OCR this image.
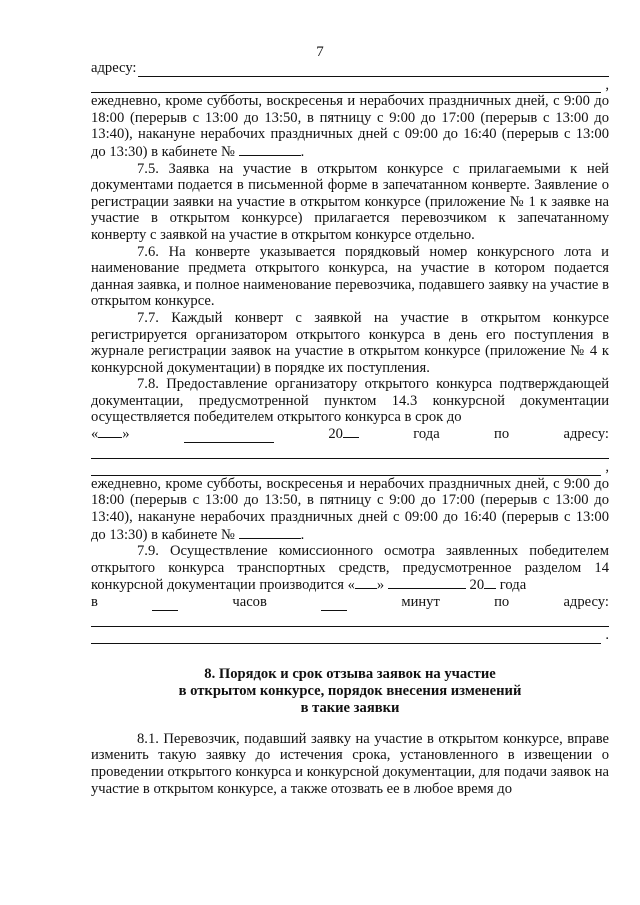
7
адресу:
,

ежедневно, кроме субботы, воскресенья и нерабочих праздничных дней, с 9:00 до 18:00 (перерыв с 13:00 до 13:50, в пятницу с 9:00 до 17:00 (перерыв с 13:00 до 13:40), накануне нерабочих праздничных дней с 09:00 до 16:40 (перерыв с 13:00 до 13:30) в кабинете №	.

7.5. Заявка на участие в открытом конкурсе с прилагаемыми к ней документами подается в письменной форме в запечатанном конверте. Заявление о регистрации заявки на участие в открытом конкурсе (приложение № 1 к заявке на участие в открытом конкурсе) прилагается перевозчиком к запечатанному конверту с заявкой на участие в открытом конкурсе отдельно.

7.6. На конверте указывается порядковый номер конкурсного лота и наименование предмета открытого конкурса, на участие в котором подается данная заявка, и полное наименование перевозчика, подавшего заявку на участие в открытом конкурсе.

7.7. Каждый конверт с заявкой на участие в открытом конкурсе регистрируется организатором открытого конкурса в день его поступления в журнале регистрации заявок на участие в открытом конкурсе (приложение № 4 к конкурсной документации) в порядке их поступления.

7.8. Предоставление организатору открытого конкурса подтверждающей документации, предусмотренной пунктом 14.3 конкурсной документации осуществляется победителем открытого конкурса в срок до

« »	20	года	по	адресу:
,

ежедневно, кроме субботы, воскресенья и нерабочих праздничных дней, с 9:00 до 18:00 (перерыв с 13:00 до 13:50, в пятницу с 9:00 до 17:00 (перерыв с 13:00 до 13:40), накануне нерабочих праздничных дней с 09:00 до 16:40 (перерыв с 13:00 до 13:30) в кабинете №	.

7.9. Осуществление комиссионного осмотра заявленных победителем открытого конкурса транспортных средств, предусмотренное разделом 14 конкурсной документации производится « »	20 года

в	часов	минут	по	адресу:
.
8. Порядок и срок отзыва заявок на участие
в открытом конкурсе, порядок внесения изменений
в такие заявки

8.1. Перевозчик, подавший заявку на участие в открытом конкурсе, вправе изменить такую заявку до истечения срока, установленного в извещении о проведении открытого конкурса и конкурсной документации, для подачи заявок на участие в открытом конкурсе, а также отозвать ее в любое время до
